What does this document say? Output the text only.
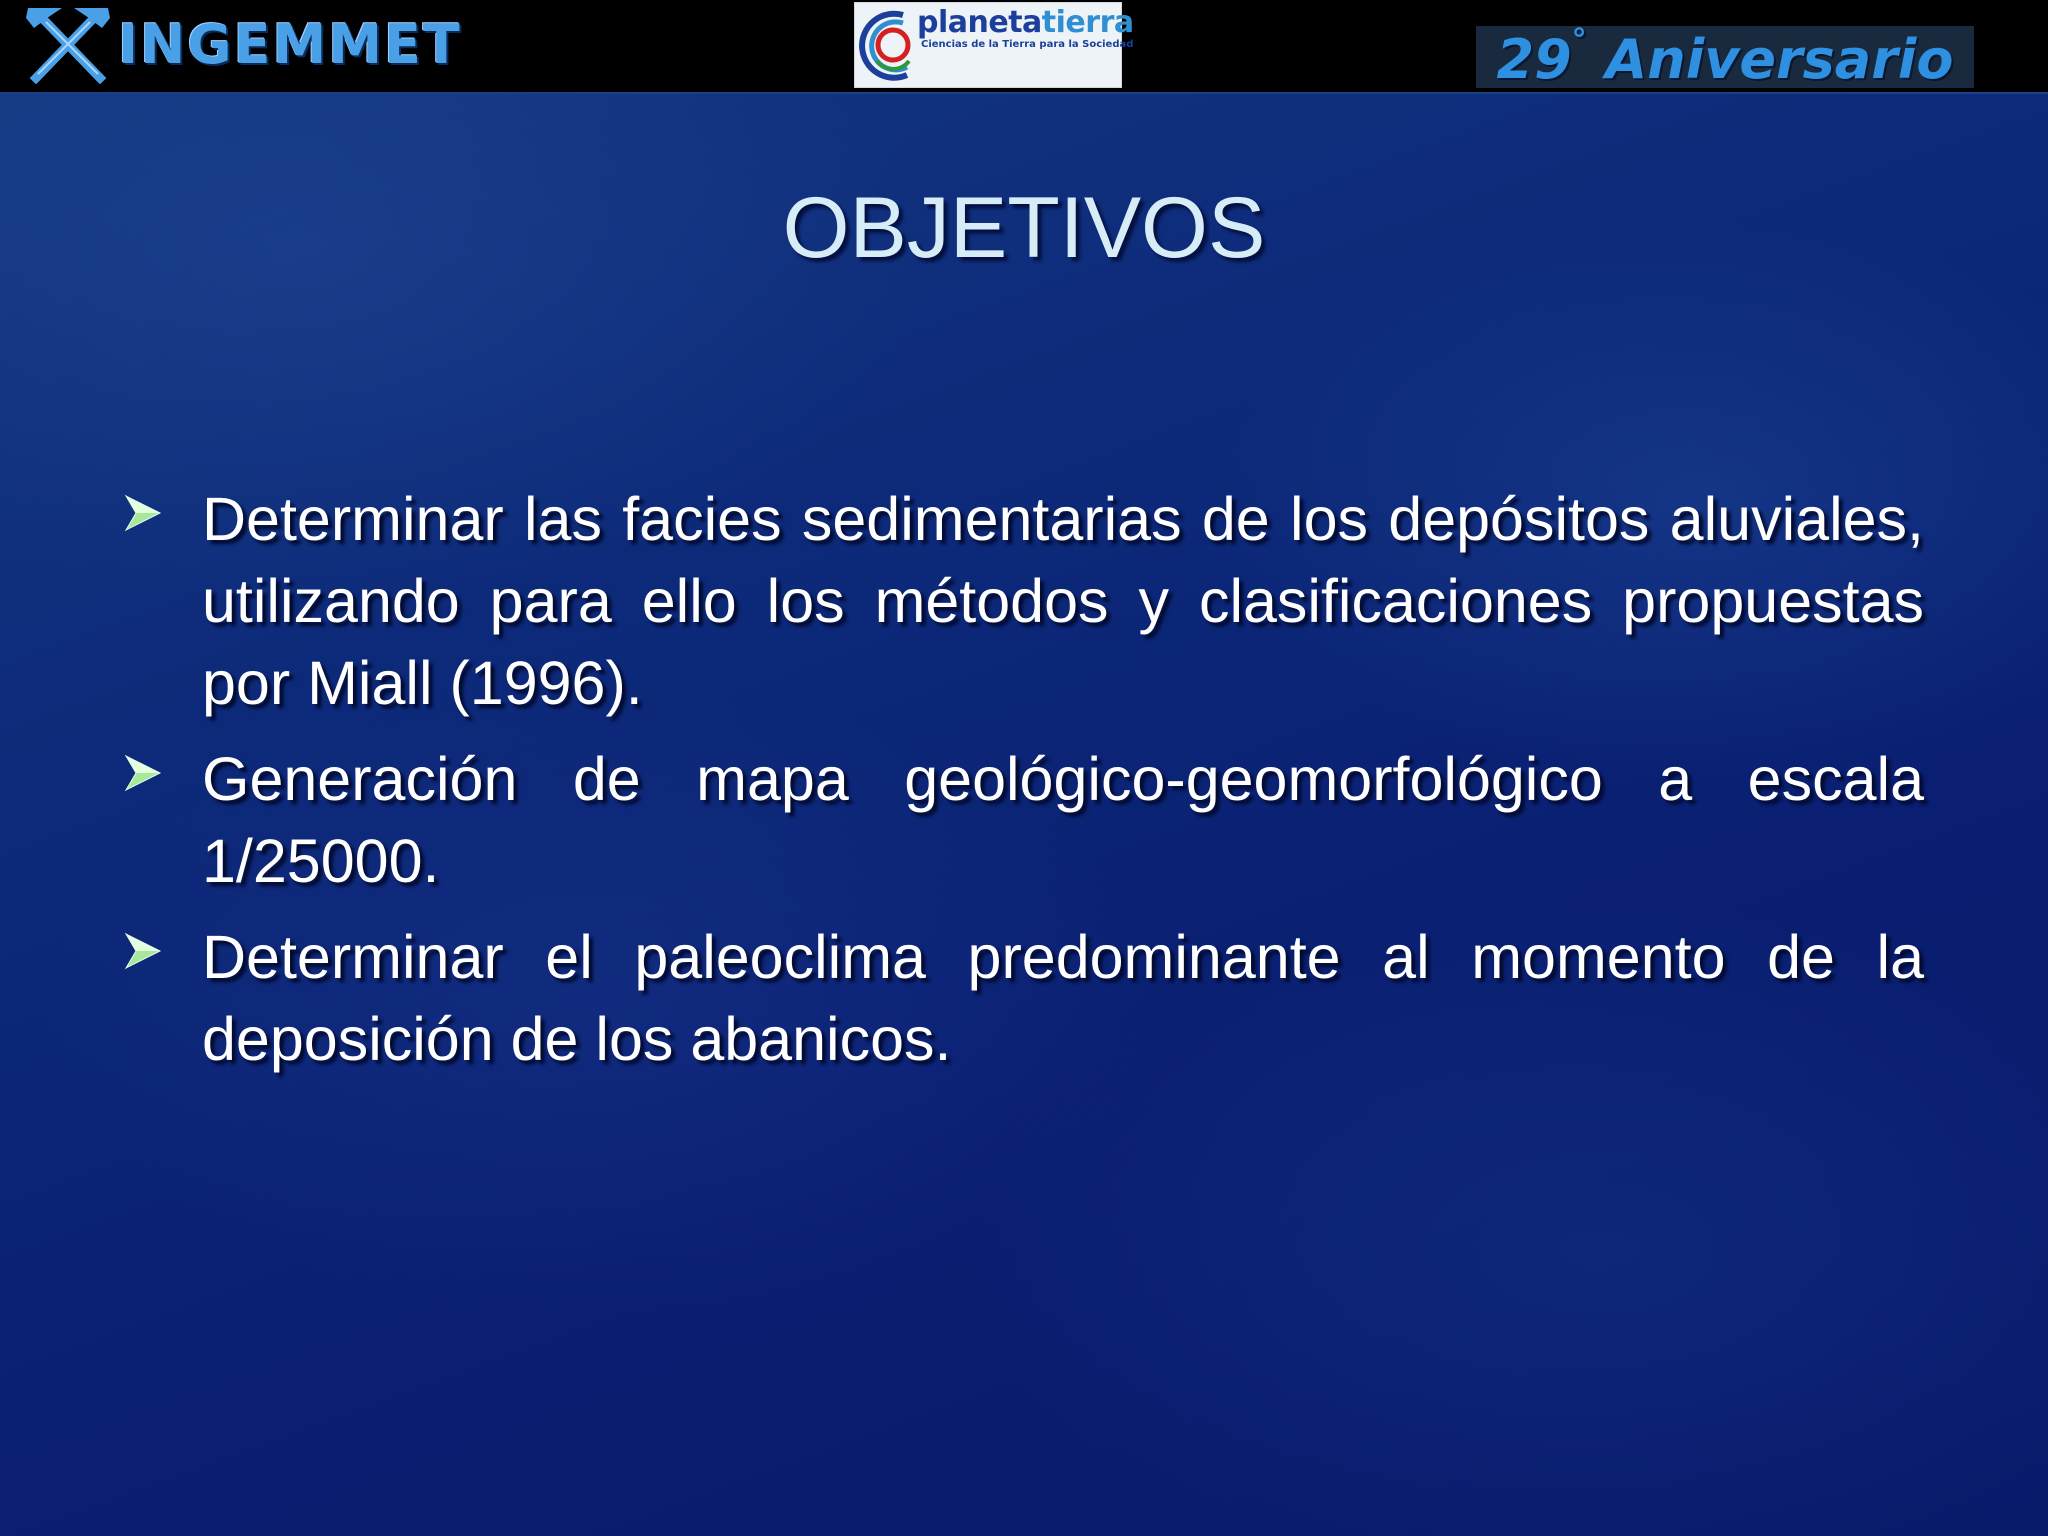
INGEMMET	planetatierra
Ciencias de la Tierra para la Sociedad	29° Aniversario
OBJETIVOS
Determinar las facies sedimentarias de los depósitos aluviales, utilizando para ello los métodos y clasificaciones propuestas por Miall (1996).
Generación de mapa geológico-geomorfológico a escala 1/25000.
Determinar el paleoclima predominante al momento de la deposición de los abanicos.
